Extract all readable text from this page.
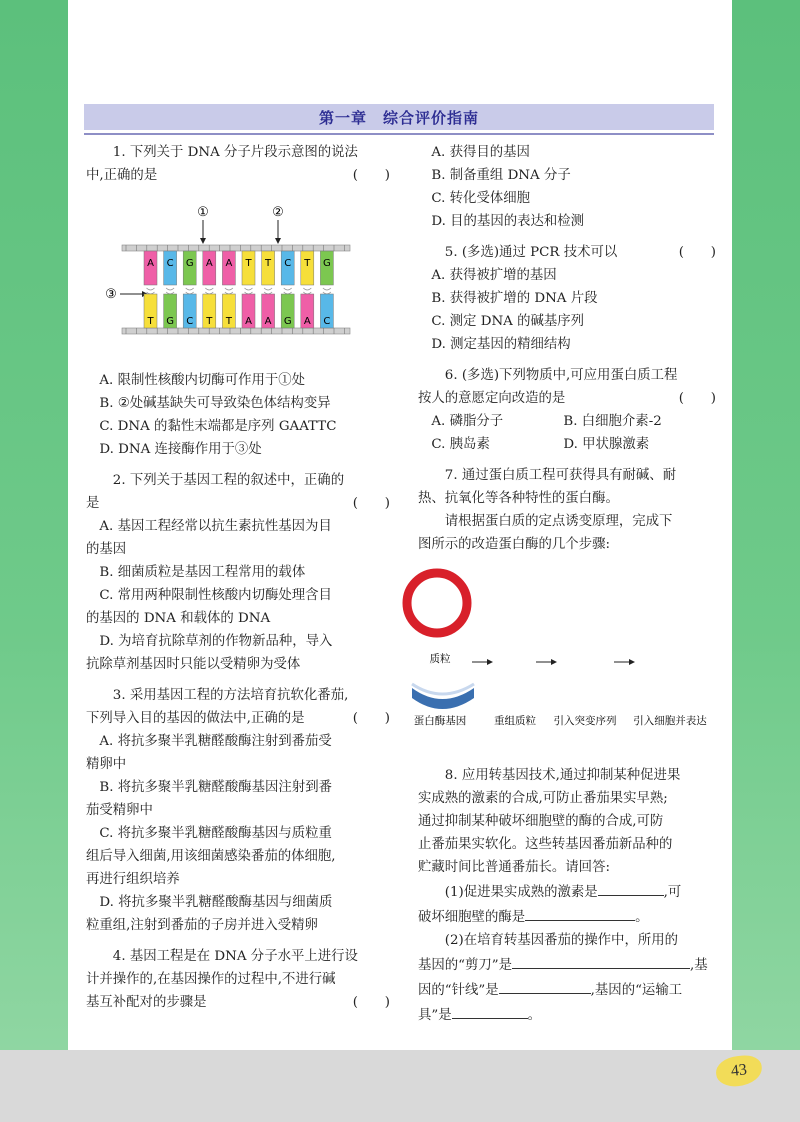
43
第一章　综合评价指南

1. 下列关于 DNA 分子片段示意图的说法

中,正确的是	(　　)

A. 限制性核酸内切酶可作用于①处

B. ②处碱基缺失可导致染色体结构变异

C. DNA 的黏性末端都是序列 GAATTC

D. DNA 连接酶作用于③处

2. 下列关于基因工程的叙述中，正确的

是	(　　)

A. 基因工程经常以抗生素抗性基因为目

的基因

B. 细菌质粒是基因工程常用的载体

C. 常用两种限制性核酸内切酶处理含目

的基因的 DNA 和载体的 DNA

D. 为培育抗除草剂的作物新品种，导入

抗除草剂基因时只能以受精卵为受体

3. 采用基因工程的方法培育抗软化番茄,

下列导入目的基因的做法中,正确的是	(　　)

A. 将抗多聚半乳糖醛酸酶注射到番茄受

精卵中

B. 将抗多聚半乳糖醛酸酶基因注射到番

茄受精卵中

C. 将抗多聚半乳糖醛酸酶基因与质粒重

组后导入细菌,用该细菌感染番茄的体细胞,

再进行组织培养

D. 将抗多聚半乳糖醛酸酶基因与细菌质

粒重组,注射到番茄的子房并进入受精卵

4. 基因工程是在 DNA 分子水平上进行设

计并操作的,在基因操作的过程中,不进行碱

基互补配对的步骤是	(　　)
①	②
③
A C G A A T T C T G
T G C T T A A G A C

A. 获得目的基因

B. 制备重组 DNA 分子

C. 转化受体细胞

D. 目的基因的表达和检测

5. (多选)通过 PCR 技术可以	(　　)

A. 获得被扩增的基因

B. 获得被扩增的 DNA 片段

C. 测定 DNA 的碱基序列

D. 测定基因的精细结构

6. (多选)下列物质中,可应用蛋白质工程

按人的意愿定向改造的是	(　　)
A. 磷脂分子	B. 白细胞介素-2
C. 胰岛素	D. 甲状腺激素

7. 通过蛋白质工程可获得具有耐碱、耐

热、抗氧化等各种特性的蛋白酶。

请根据蛋白质的定点诱变原理，完成下

图所示的改造蛋白酶的几个步骤:

8. 应用转基因技术,通过抑制某种促进果

实成熟的激素的合成,可防止番茄果实早熟;

通过抑制某种破坏细胞壁的酶的合成,可防

止番茄果实软化。这些转基因番茄新品种的

贮藏时间比普通番茄长。请回答:

(1)促进果实成熟的激素是	,可

破坏细胞壁的酶是	。

(2)在培育转基因番茄的操作中，所用的

基因的“剪刀”是	,基

因的“针线”是	,基因的“运输工

具”是	。

质粒
蛋白酶基因	重组质粒 引入突变序列 引入细胞并表达
